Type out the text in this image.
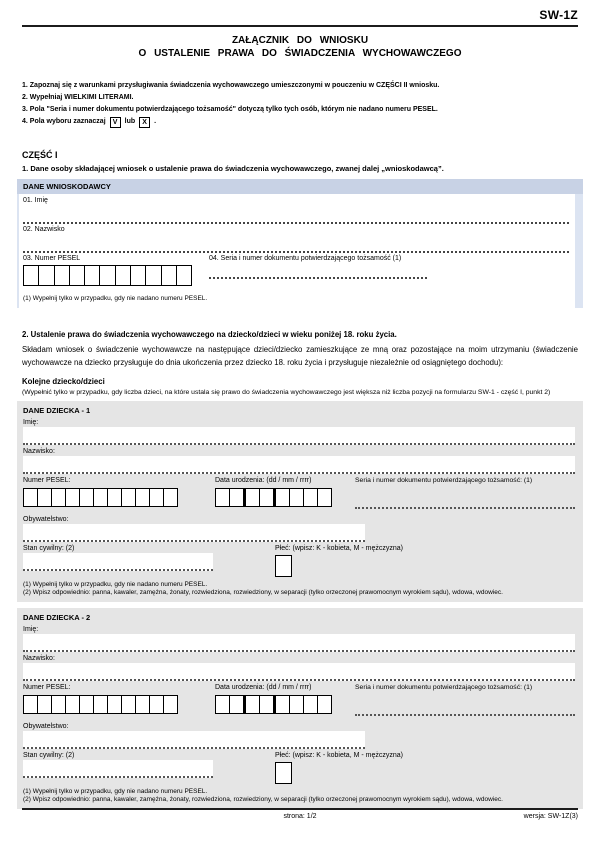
SW-1Z
ZAŁĄCZNIK DO WNIOSKU
O USTALENIE PRAWA DO ŚWIADCZENIA WYCHOWAWCZEGO
1. Zapoznaj się z warunkami przysługiwania świadczenia wychowawczego umieszczonymi w pouczeniu w CZĘŚCI II wniosku.
2. Wypełniaj WIELKIMI LITERAMI.
3. Pola "Seria i numer dokumentu potwierdzającego tożsamość" dotyczą tylko tych osób, którym nie nadano numeru PESEL.
4. Pola wyboru zaznaczaj	V	lub	X	.
CZĘŚĆ I
1. Dane osoby składającej wniosek o ustalenie prawa do świadczenia wychowawczego, zwanej dalej „wnioskodawcą”.
DANE WNIOSKODAWCY
01. Imię
02. Nazwisko
03. Numer PESEL	04. Seria i numer dokumentu potwierdzającego tożsamość (1)
(1) Wypełnij tylko w przypadku, gdy nie nadano numeru PESEL.
2. Ustalenie prawa do świadczenia wychowawczego na dziecko/dzieci w wieku poniżej 18. roku życia.
Składam wniosek o świadczenie wychowawcze na następujące dzieci/dziecko zamieszkujące ze mną oraz pozostające na moim utrzymaniu (świadczenie wychowawcze na dziecko przysługuje do dnia ukończenia przez dziecko 18. roku życia i przysługuje niezależnie od osiągniętego dochodu):
Kolejne dziecko/dzieci
(Wypełnić tylko w przypadku, gdy liczba dzieci, na które ustala się prawo do świadczenia wychowawczego jest większa niż liczba pozycji na formularzu SW-1 - część I, punkt 2)
DANE DZIECKA - 1
Imię:
Nazwisko:
Numer PESEL:	Data urodzenia: (dd / mm / rrrr)	Seria i numer dokumentu potwierdzającego tożsamość: (1)
Obywatelstwo:
Stan cywilny: (2)	Płeć: (wpisz: K - kobieta, M - mężczyzna)
(1) Wypełnij tylko w przypadku, gdy nie nadano numeru PESEL.
(2) Wpisz odpowiednio: panna, kawaler, zamężna, żonaty, rozwiedziona, rozwiedziony, w separacji (tylko orzeczonej prawomocnym wyrokiem sądu), wdowa, wdowiec.
DANE DZIECKA - 2
Imię:
Nazwisko:
Numer PESEL:	Data urodzenia: (dd / mm / rrrr)	Seria i numer dokumentu potwierdzającego tożsamość: (1)
Obywatelstwo:
Stan cywilny: (2)	Płeć: (wpisz: K - kobieta, M - mężczyzna)
(1) Wypełnij tylko w przypadku, gdy nie nadano numeru PESEL.
(2) Wpisz odpowiednio: panna, kawaler, zamężna, żonaty, rozwiedziona, rozwiedziony, w separacji (tylko orzeczonej prawomocnym wyrokiem sądu), wdowa, wdowiec.
strona: 1/2	wersja: SW-1Z(3)
